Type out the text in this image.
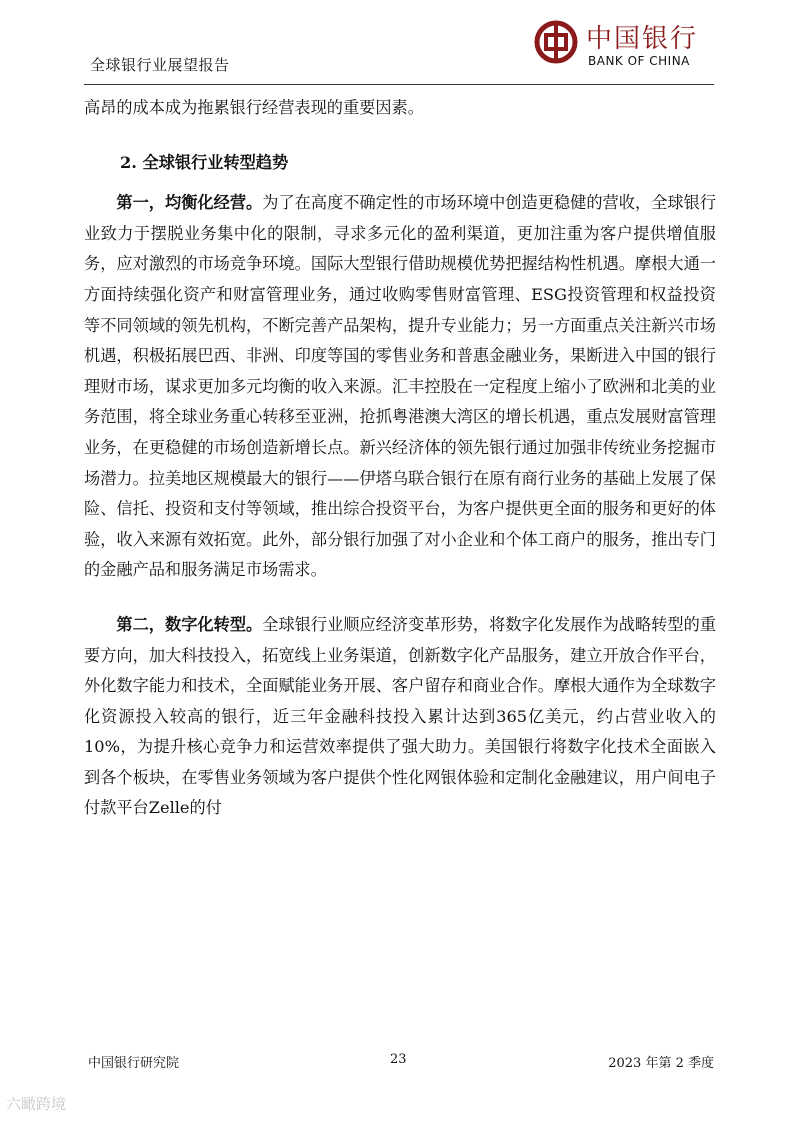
全球银行业展望报告
中国银行
BANK OF CHINA

高昂的成本成为拖累银行经营表现的重要因素。

2. 全球银行业转型趋势

第一，均衡化经营。为了在高度不确定性的市场环境中创造更稳健的营收，全球银行业致力于摆脱业务集中化的限制，寻求多元化的盈利渠道，更加注重为客户提供增值服务，应对激烈的市场竞争环境。国际大型银行借助规模优势把握结构性机遇。摩根大通一方面持续强化资产和财富管理业务，通过收购零售财富管理、ESG投资管理和权益投资等不同领域的领先机构，不断完善产品架构，提升专业能力；另一方面重点关注新兴市场机遇，积极拓展巴西、非洲、印度等国的零售业务和普惠金融业务，果断进入中国的银行理财市场，谋求更加多元均衡的收入来源。汇丰控股在一定程度上缩小了欧洲和北美的业务范围，将全球业务重心转移至亚洲，抢抓粤港澳大湾区的增长机遇，重点发展财富管理业务，在更稳健的市场创造新增长点。新兴经济体的领先银行通过加强非传统业务挖掘市场潜力。拉美地区规模最大的银行——伊塔乌联合银行在原有商行业务的基础上发展了保险、信托、投资和支付等领域，推出综合投资平台，为客户提供更全面的服务和更好的体验，收入来源有效拓宽。此外，部分银行加强了对小企业和个体工商户的服务，推出专门的金融产品和服务满足市场需求。

第二，数字化转型。全球银行业顺应经济变革形势，将数字化发展作为战略转型的重要方向，加大科技投入，拓宽线上业务渠道，创新数字化产品服务，建立开放合作平台，外化数字能力和技术，全面赋能业务开展、客户留存和商业合作。摩根大通作为全球数字化资源投入较高的银行，近三年金融科技投入累计达到365亿美元，约占营业收入的10%，为提升核心竞争力和运营效率提供了强大助力。美国银行将数字化技术全面嵌入到各个板块，在零售业务领域为客户提供个性化网银体验和定制化金融建议，用户间电子付款平台Zelle的付

中国银行研究院	23	2023 年第 2 季度
六瞰跨境
